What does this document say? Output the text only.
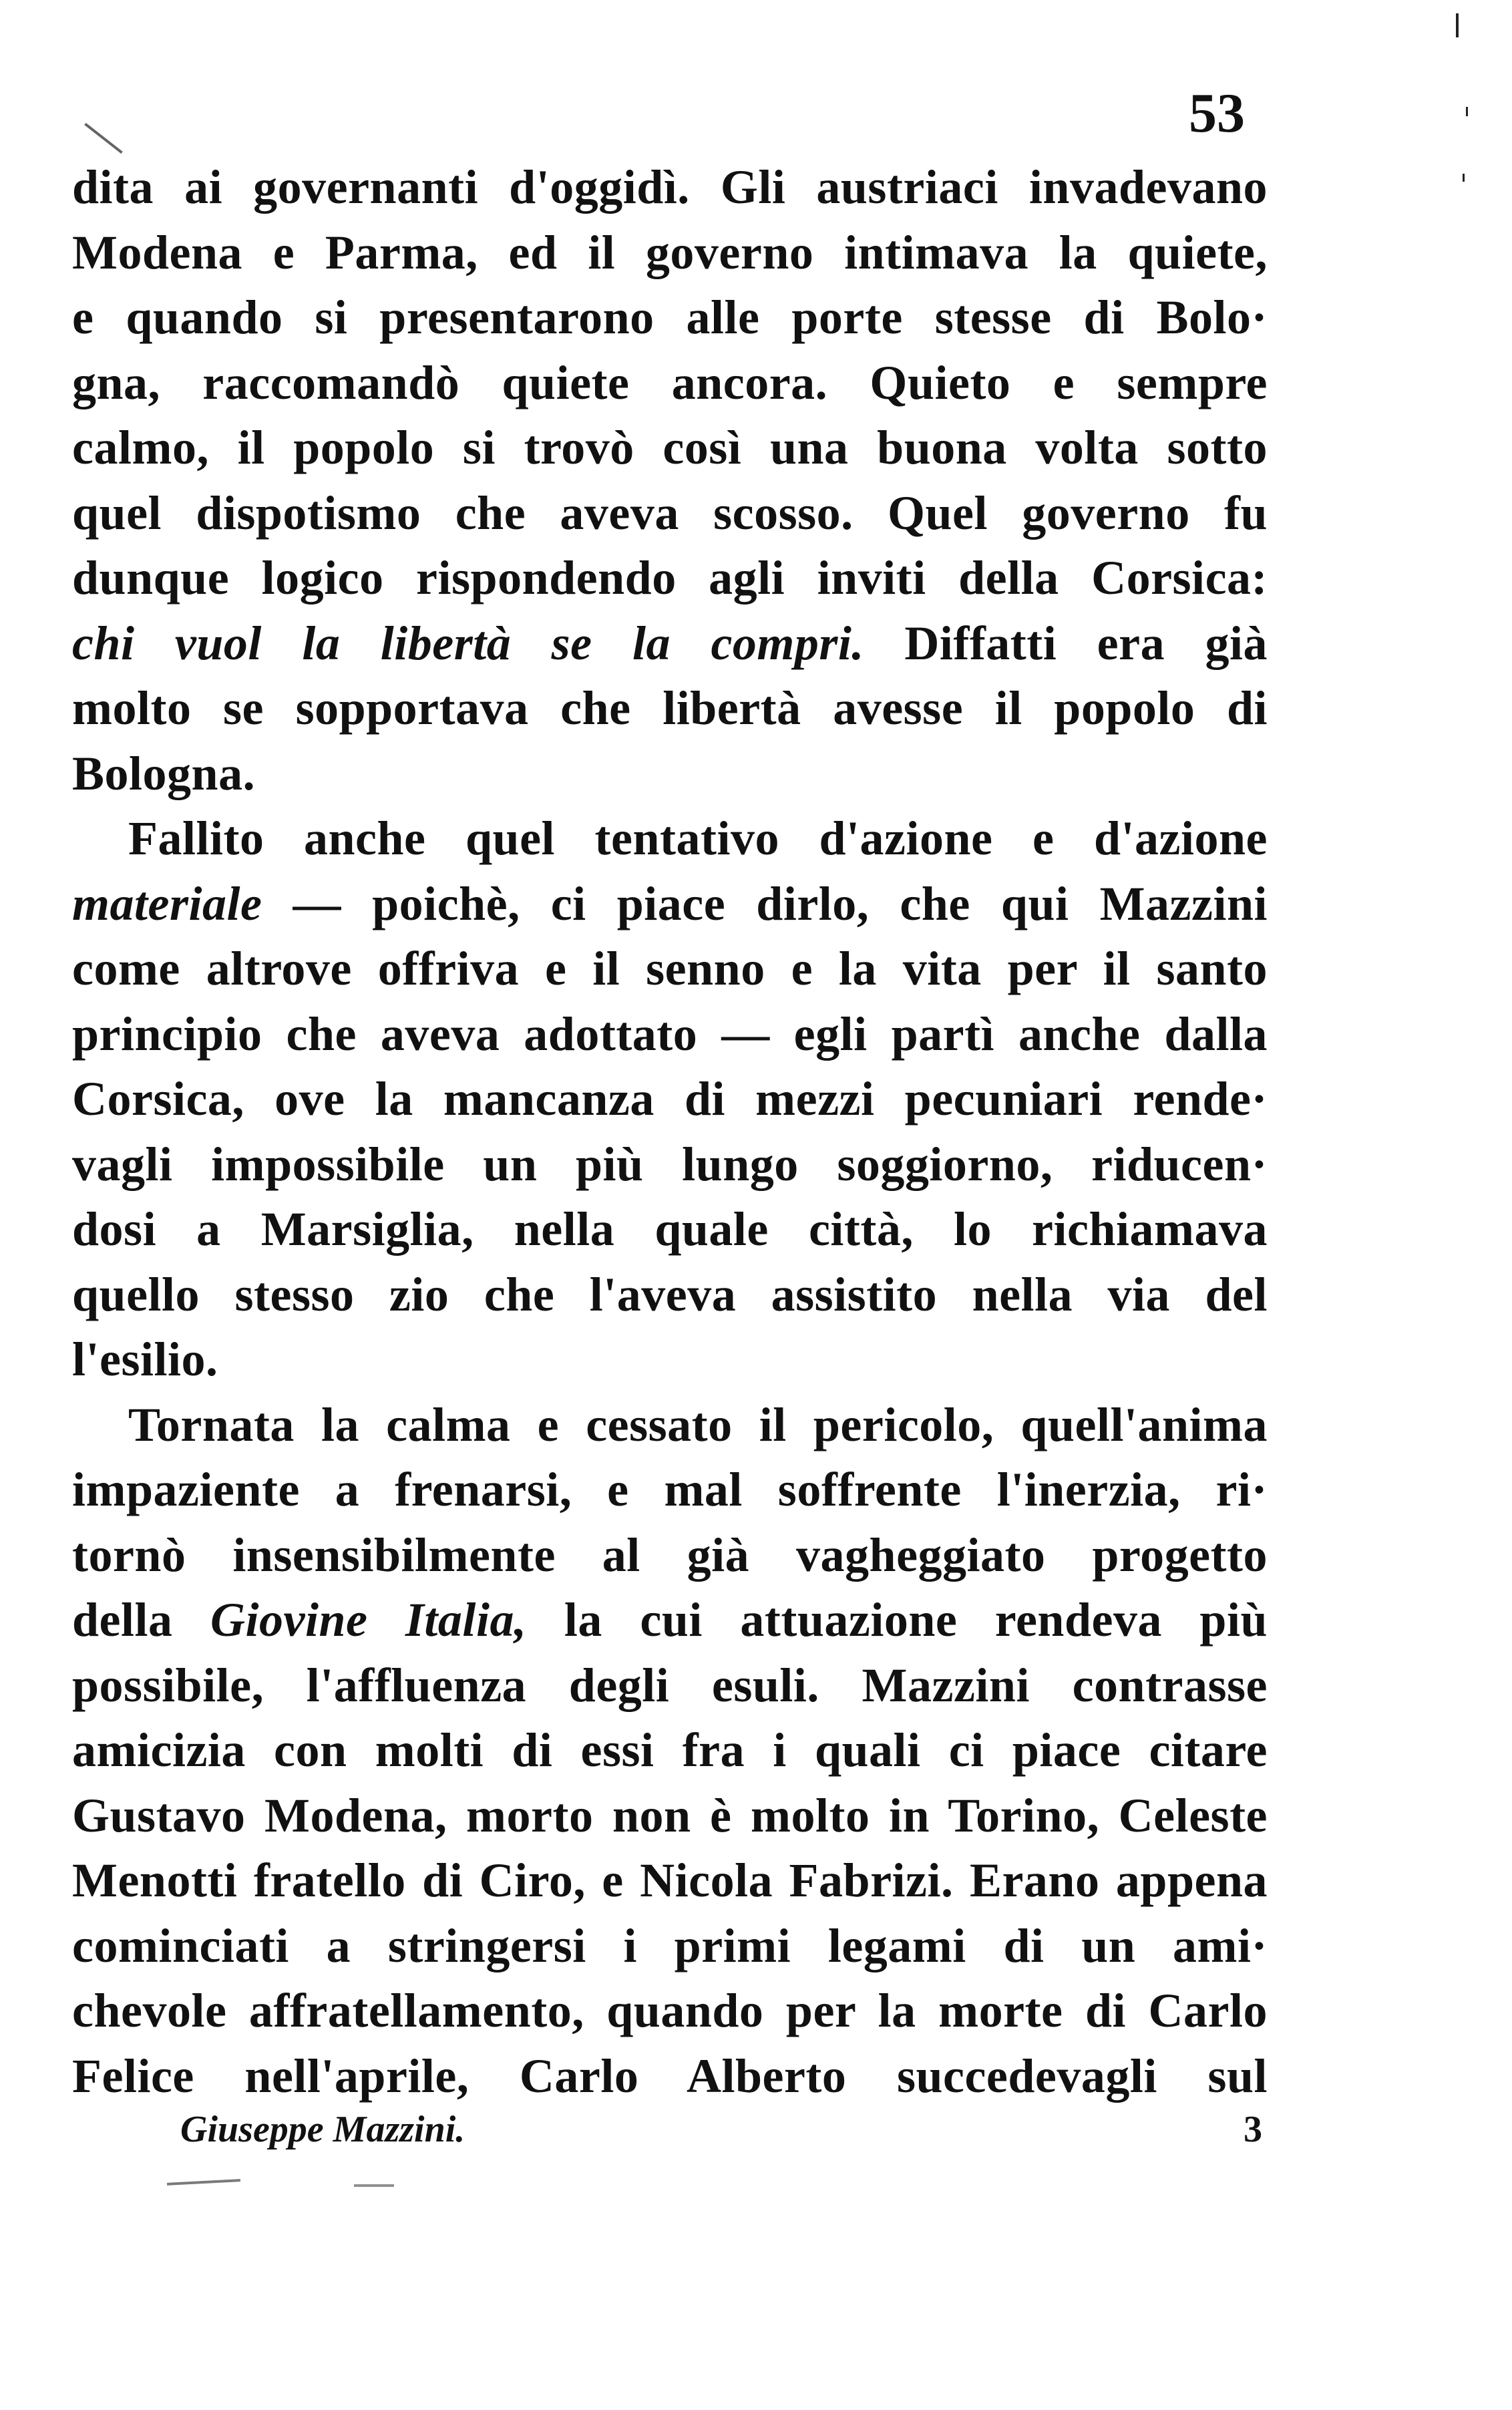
53
dita ai governanti d'oggidì. Gli austriaci invadevano
Modena e Parma, ed il governo intimava la quiete,
e quando si presentarono alle porte stesse di Bolo·
gna, raccomandò quiete ancora. Quieto e sempre
calmo, il popolo si trovò così una buona volta sotto
quel dispotismo che aveva scosso. Quel governo fu
dunque logico rispondendo agli inviti della Corsica:
chi vuol la libertà se la compri. Diffatti era già
molto se sopportava che libertà avesse il popolo di
Bologna.
Fallito anche quel tentativo d'azione e d'azione
materiale — poichè, ci piace dirlo, che qui Mazzini
come altrove offriva e il senno e la vita per il santo
principio che aveva adottato — egli partì anche dalla
Corsica, ove la mancanza di mezzi pecuniari rende·
vagli impossibile un più lungo soggiorno, riducen·
dosi a Marsiglia, nella quale città, lo richiamava
quello stesso zio che l'aveva assistito nella via del
l'esilio.
Tornata la calma e cessato il pericolo, quell'anima
impaziente a frenarsi, e mal soffrente l'inerzia, ri·
tornò insensibilmente al già vagheggiato progetto
della Giovine Italia, la cui attuazione rendeva più
possibile, l'affluenza degli esuli. Mazzini contrasse
amicizia con molti di essi fra i quali ci piace citare
Gustavo Modena, morto non è molto in Torino, Celeste
Menotti fratello di Ciro, e Nicola Fabrizi. Erano appena
cominciati a stringersi i primi legami di un ami·
chevole affratellamento, quando per la morte di Carlo
Felice nell'aprile, Carlo Alberto succedevagli sul
Giuseppe Mazzini.	3
